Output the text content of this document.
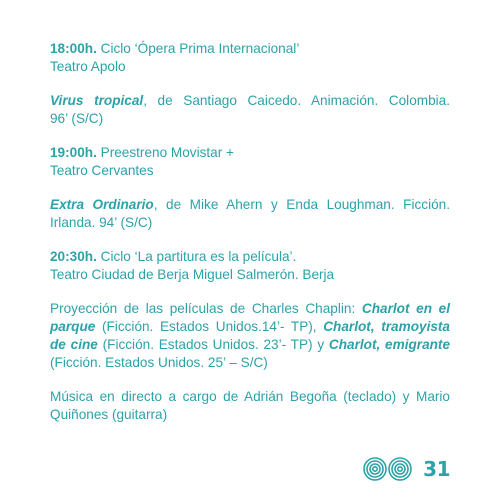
18:00h. Ciclo ‘Ópera Prima Internacional’
Teatro Apolo
Virus tropical, de Santiago Caicedo. Animación. Colombia.
96’ (S/C)
19:00h. Preestreno Movistar +
Teatro Cervantes
Extra Ordinario, de Mike Ahern y Enda Loughman. Ficción.
Irlanda. 94’ (S/C)
20:30h. Ciclo ‘La partitura es la película’.
Teatro Ciudad de Berja Miguel Salmerón. Berja
Proyección de las películas de Charles Chaplin: Charlot en el parque (Ficción. Estados Unidos.14’- TP), Charlot, tramoyista de cine (Ficción. Estados Unidos. 23’- TP) y Charlot, emigrante (Ficción. Estados Unidos. 25’ – S/C)
Música en directo a cargo de Adrián Begoña (teclado) y Mario
Quiñones (guitarra)
31
